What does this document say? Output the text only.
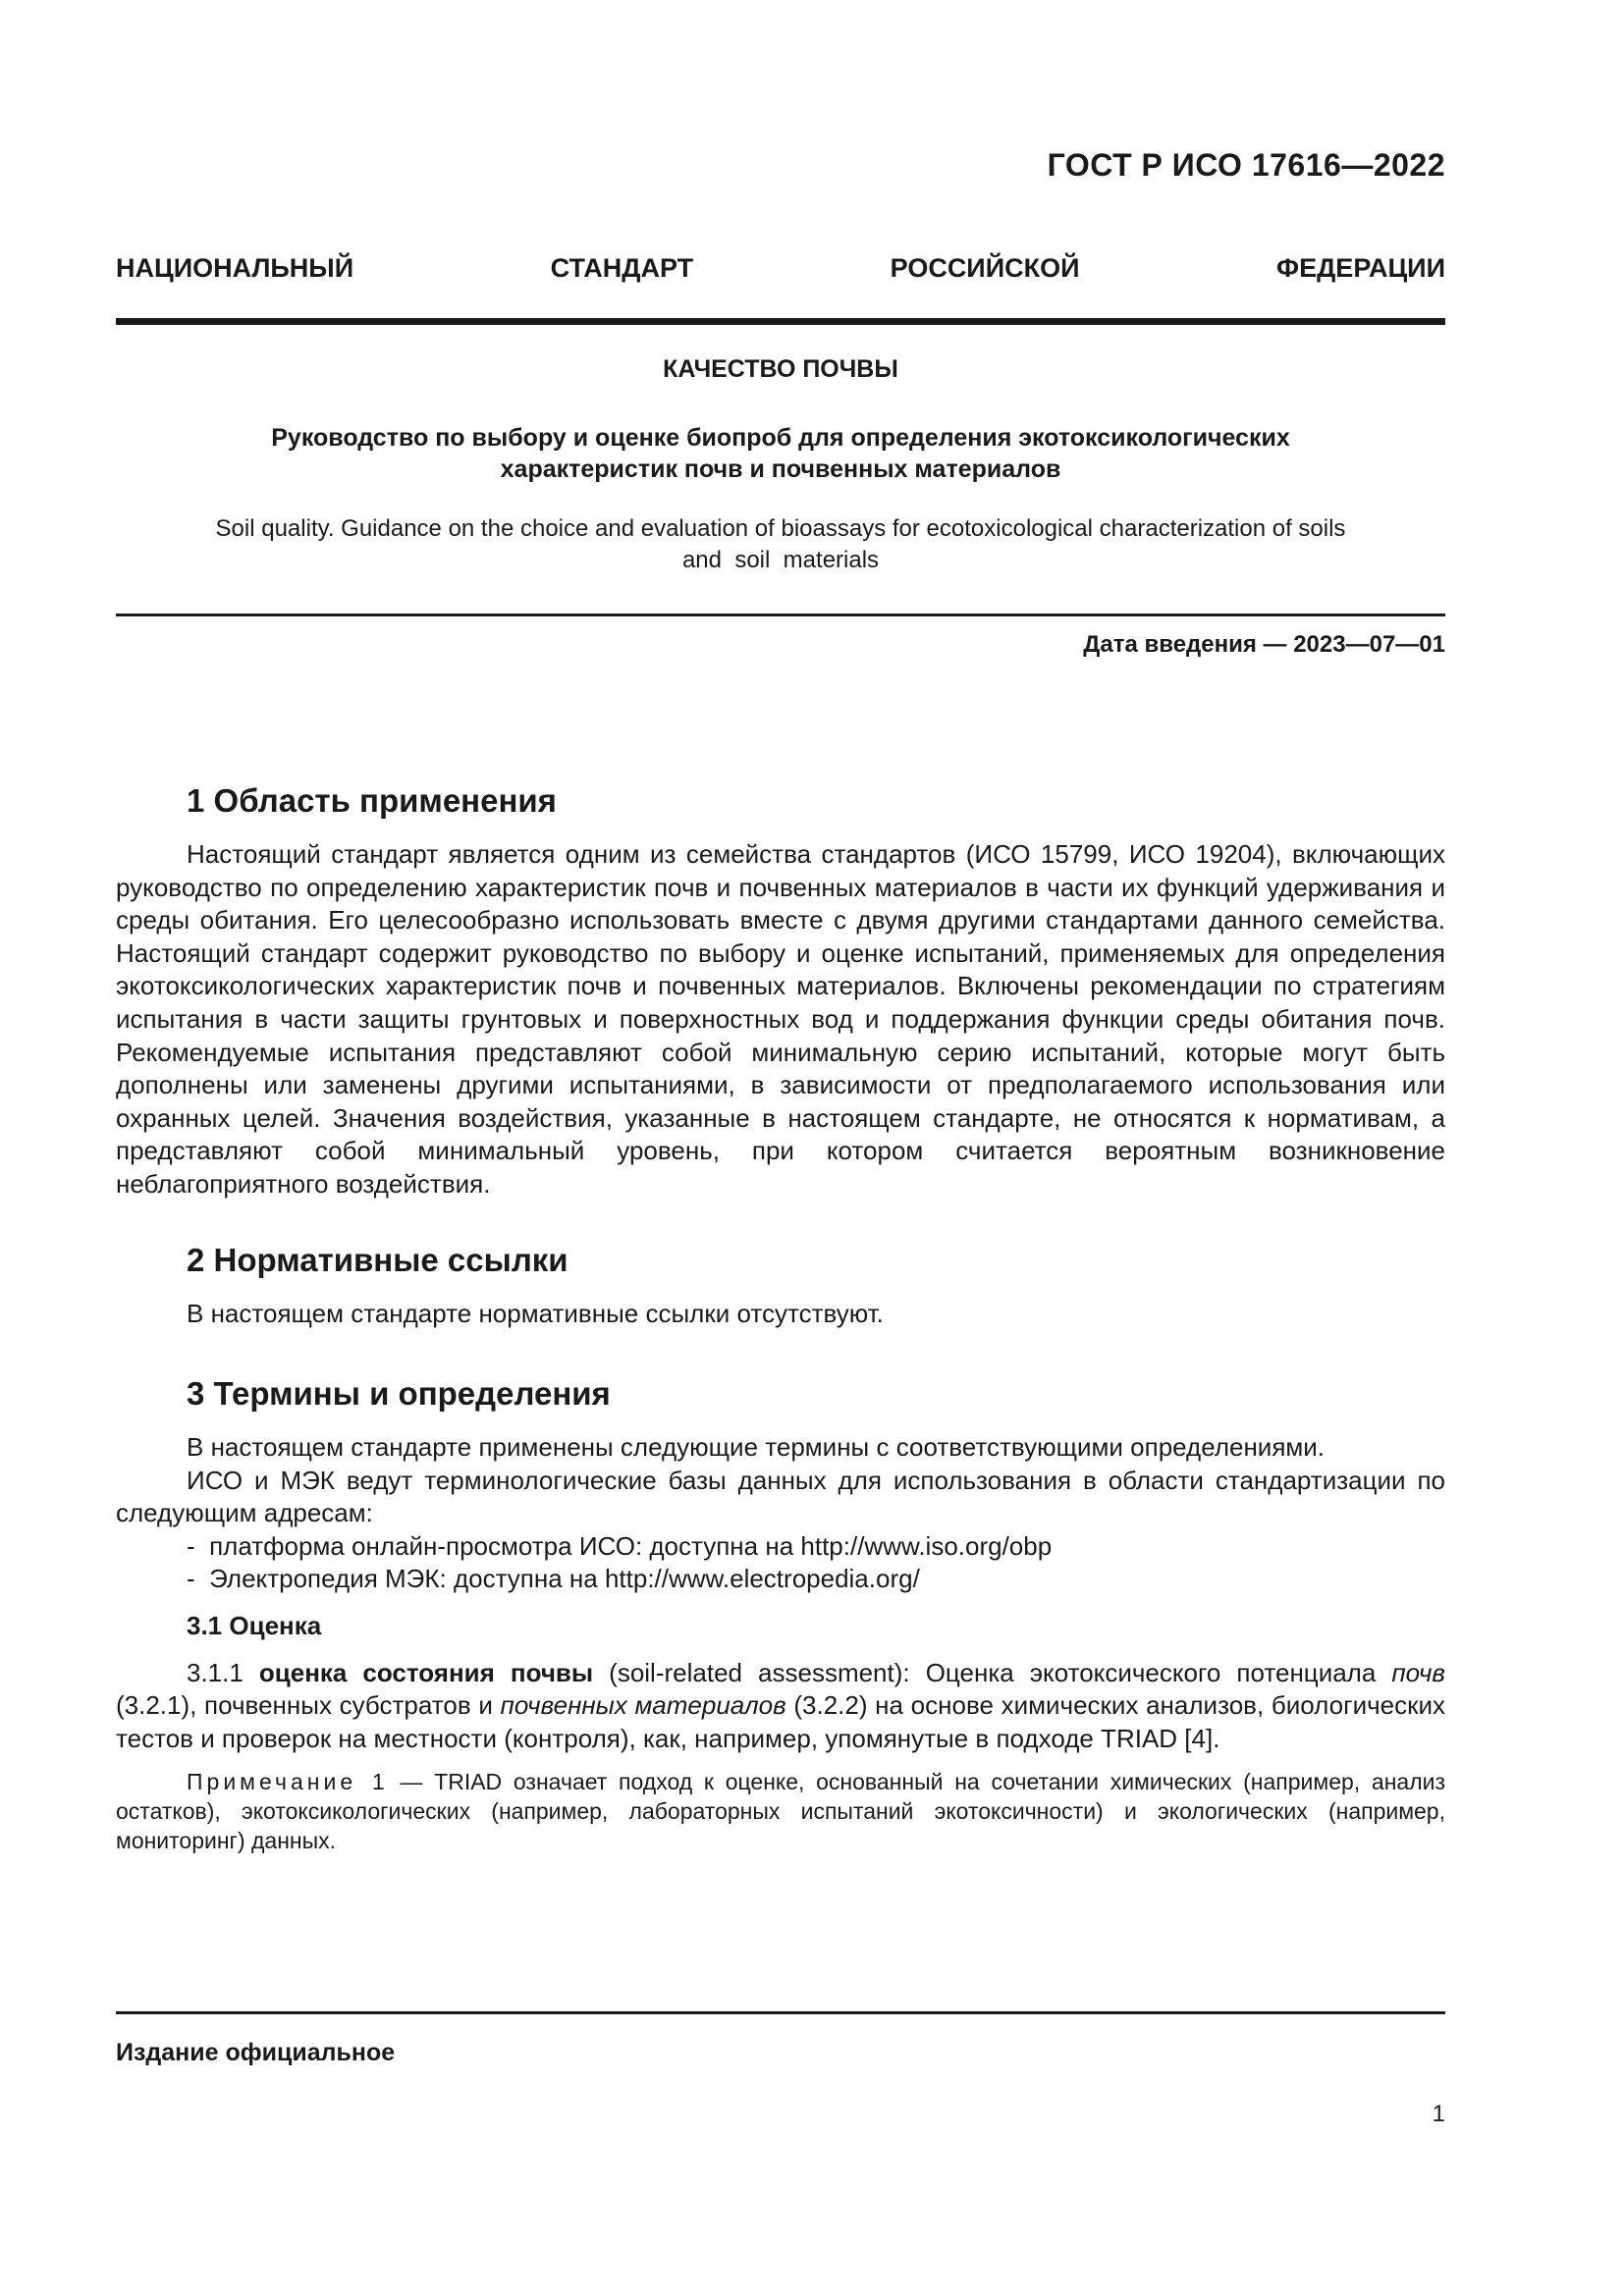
ГОСТ Р ИСО 17616—2022
НАЦИОНАЛЬНЫЙ СТАНДАРТ РОССИЙСКОЙ ФЕДЕРАЦИИ
КАЧЕСТВО ПОЧВЫ
Руководство по выбору и оценке биопроб для определения экотоксикологических
характеристик почв и почвенных материалов
Soil quality. Guidance on the choice and evaluation of bioassays for ecotoxicological characterization of soils
and  soil  materials
Дата введения — 2023—07—01
1 Область применения

Настоящий стандарт является одним из семейства стандартов (ИСО 15799, ИСО 19204), включающих руководство по определению характеристик почв и почвенных материалов в части их функций удерживания и среды обитания. Его целесообразно использовать вместе с двумя другими стандартами данного семейства. Настоящий стандарт содержит руководство по выбору и оценке испытаний, применяемых для определения экотоксикологических характеристик почв и почвенных материалов. Включены рекомендации по стратегиям испытания в части защиты грунтовых и поверхностных вод и поддержания функции среды обитания почв. Рекомендуемые испытания представляют собой минимальную серию испытаний, которые могут быть дополнены или заменены другими испытаниями, в зависимости от предполагаемого использования или охранных целей. Значения воздействия, указанные в настоящем стандарте, не относятся к нормативам, а представляют собой минимальный уровень, при котором считается вероятным возникновение неблагоприятного воздействия.

2 Нормативные ссылки

В настоящем стандарте нормативные ссылки отсутствуют.

3 Термины и определения

В настоящем стандарте применены следующие термины с соответствующими определениями.

ИСО и МЭК ведут терминологические базы данных для использования в области стандартизации по следующим адресам:

-  платформа онлайн-просмотра ИСО: доступна на http://www.iso.org/obp

-  Электропедия МЭК: доступна на http://www.electropedia.org/

3.1 Оценка

3.1.1 оценка состояния почвы (soil-related assessment): Оценка экотоксического потенциала почв (3.2.1), почвенных субстратов и почвенных материалов (3.2.2) на основе химических анализов, биологических тестов и проверок на местности (контроля), как, например, упомянутые в подходе TRIAD [4].

Примечание 1 — TRIAD означает подход к оценке, основанный на сочетании химических (например, анализ остатков), экотоксикологических (например, лабораторных испытаний экотоксичности) и экологических (например, мониторинг) данных.

Издание официальное
1
